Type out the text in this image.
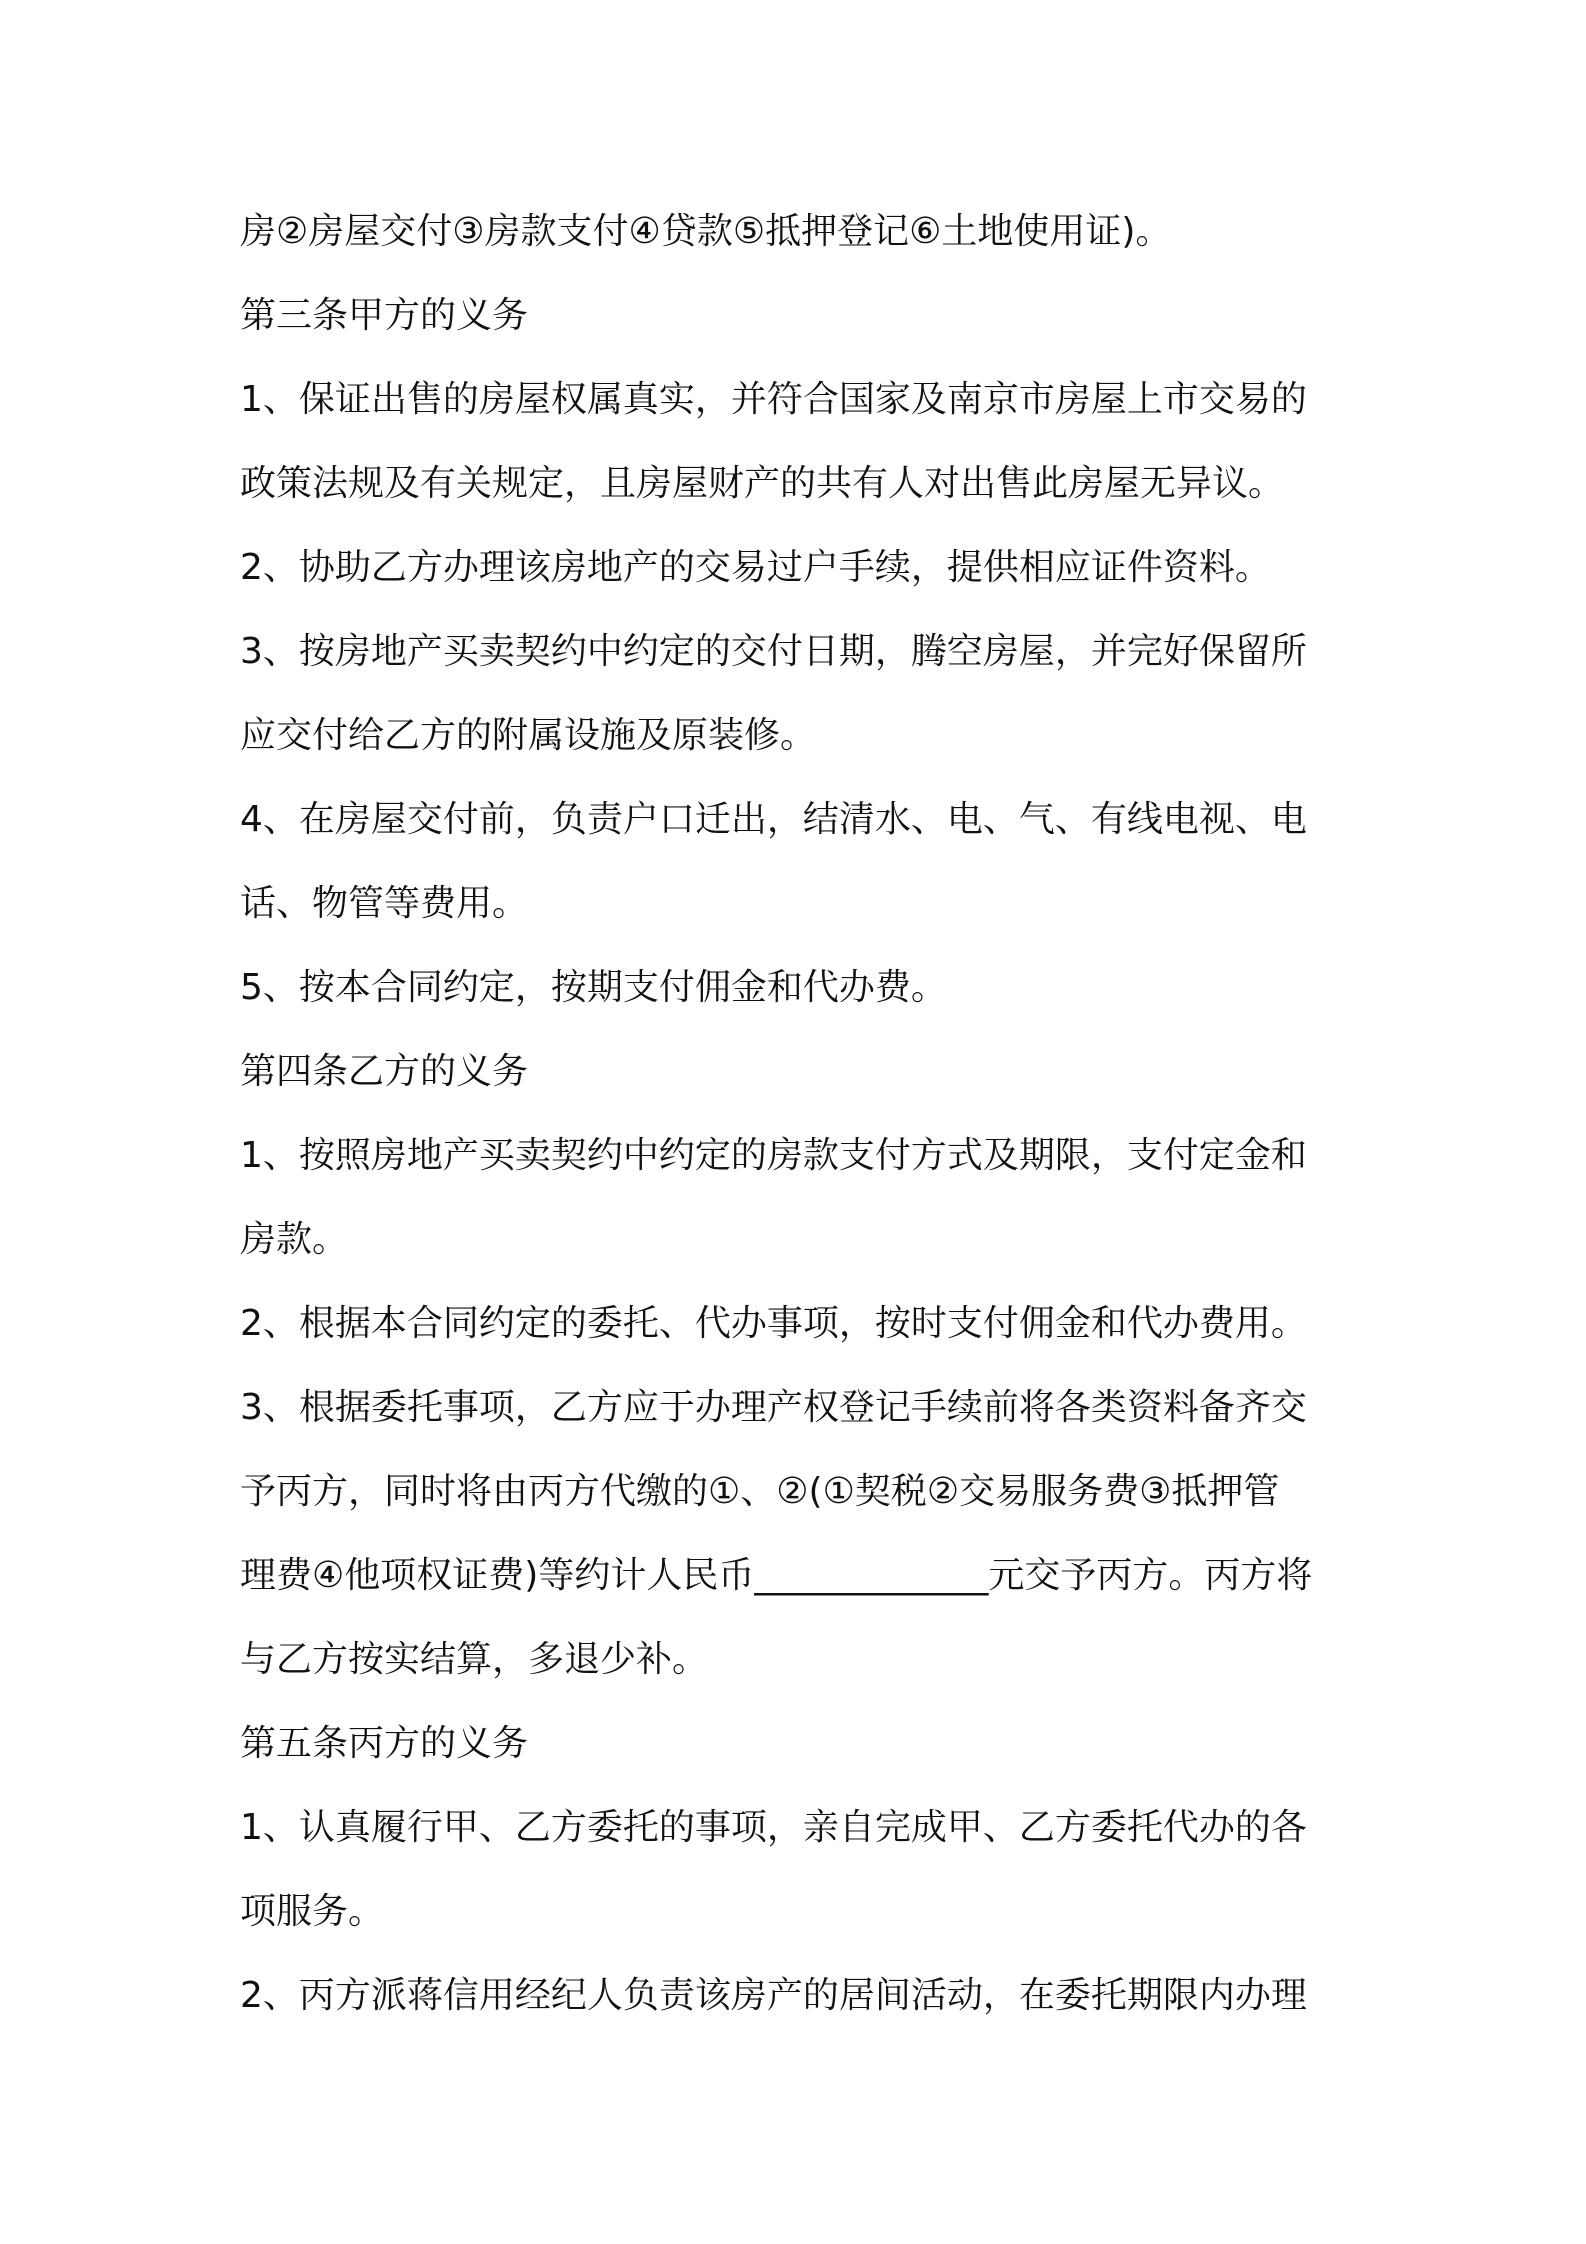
房②房屋交付③房款支付④贷款⑤抵押登记⑥土地使用证)。

第三条甲方的义务

1、保证出售的房屋权属真实，并符合国家及南京市房屋上市交易的

政策法规及有关规定，且房屋财产的共有人对出售此房屋无异议。

2、协助乙方办理该房地产的交易过户手续，提供相应证件资料。

3、按房地产买卖契约中约定的交付日期，腾空房屋，并完好保留所

应交付给乙方的附属设施及原装修。

4、在房屋交付前，负责户口迁出，结清水、电、气、有线电视、电

话、物管等费用。

5、按本合同约定，按期支付佣金和代办费。

第四条乙方的义务

1、按照房地产买卖契约中约定的房款支付方式及期限，支付定金和

房款。

2、根据本合同约定的委托、代办事项，按时支付佣金和代办费用。

3、根据委托事项，乙方应于办理产权登记手续前将各类资料备齐交

予丙方，同时将由丙方代缴的①、②(①契税②交易服务费③抵押管

理费④他项权证费)等约计人民币_____________元交予丙方。丙方将

与乙方按实结算，多退少补。

第五条丙方的义务

1、认真履行甲、乙方委托的事项，亲自完成甲、乙方委托代办的各

项服务。

2、丙方派蒋信用经纪人负责该房产的居间活动，在委托期限内办理
